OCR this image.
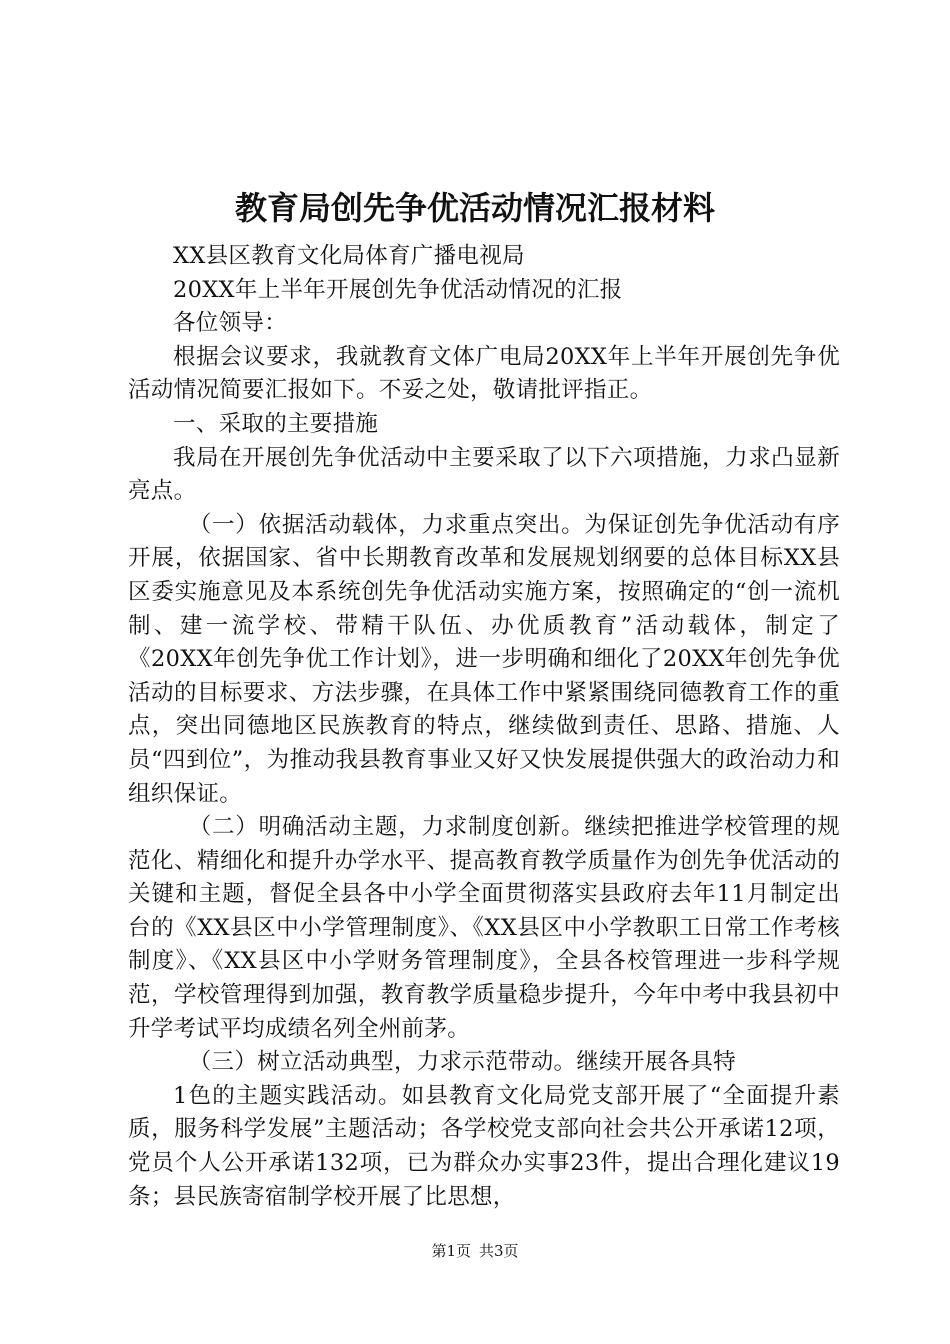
教育局创先争优活动情况汇报材料

XX县区教育文化局体育广播电视局

20XX年上半年开展创先争优活动情况的汇报

各位领导：

根据会议要求，我就教育文体广电局20XX年上半年开展创先争优活动情况简要汇报如下。不妥之处，敬请批评指正。

一、采取的主要措施

我局在开展创先争优活动中主要采取了以下六项措施，力求凸显新亮点。

（一）依据活动载体，力求重点突出。为保证创先争优活动有序开展，依据国家、省中长期教育改革和发展规划纲要的总体目标XX县区委实施意见及本系统创先争优活动实施方案，按照确定的“创一流机制、建一流学校、带精干队伍、办优质教育”活动载体，制定了《20XX年创先争优工作计划》，进一步明确和细化了20XX年创先争优活动的目标要求、方法步骤，在具体工作中紧紧围绕同德教育工作的重点，突出同德地区民族教育的特点，继续做到责任、思路、措施、人员“四到位”，为推动我县教育事业又好又快发展提供强大的政治动力和组织保证。

（二）明确活动主题，力求制度创新。继续把推进学校管理的规范化、精细化和提升办学水平、提高教育教学质量作为创先争优活动的关键和主题，督促全县各中小学全面贯彻落实县政府去年11月制定出台的《XX县区中小学管理制度》、《XX县区中小学教职工日常工作考核制度》、《XX县区中小学财务管理制度》，全县各校管理进一步科学规范，学校管理得到加强，教育教学质量稳步提升，今年中考中我县初中升学考试平均成绩名列全州前茅。

（三）树立活动典型，力求示范带动。继续开展各具特

1色的主题实践活动。如县教育文化局党支部开展了“全面提升素质，服务科学发展”主题活动；各学校党支部向社会共公开承诺12项，党员个人公开承诺132项，已为群众办实事23件，提出合理化建议19条；县民族寄宿制学校开展了比思想，

第1页 共3页
